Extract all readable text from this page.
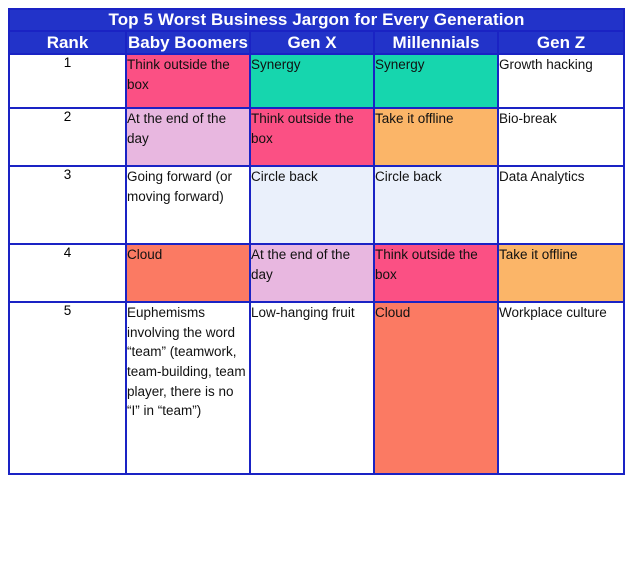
Top 5 Worst Business Jargon for Every Generation				
Rank	Baby Boomers	Gen X	Millennials	Gen Z
1	Think outside the box	Synergy	Synergy	Growth hacking
2	At the end of the day	Think outside the box	Take it offline	Bio-break
3	Going forward (or moving forward)	Circle back	Circle back	Data Analytics
4	Cloud	At the end of the day	Think outside the box	Take it offline
5	Euphemisms involving the word “team” (teamwork, team-building, team player, there is no “I” in “team”)	Low-hanging fruit	Cloud	Workplace culture
